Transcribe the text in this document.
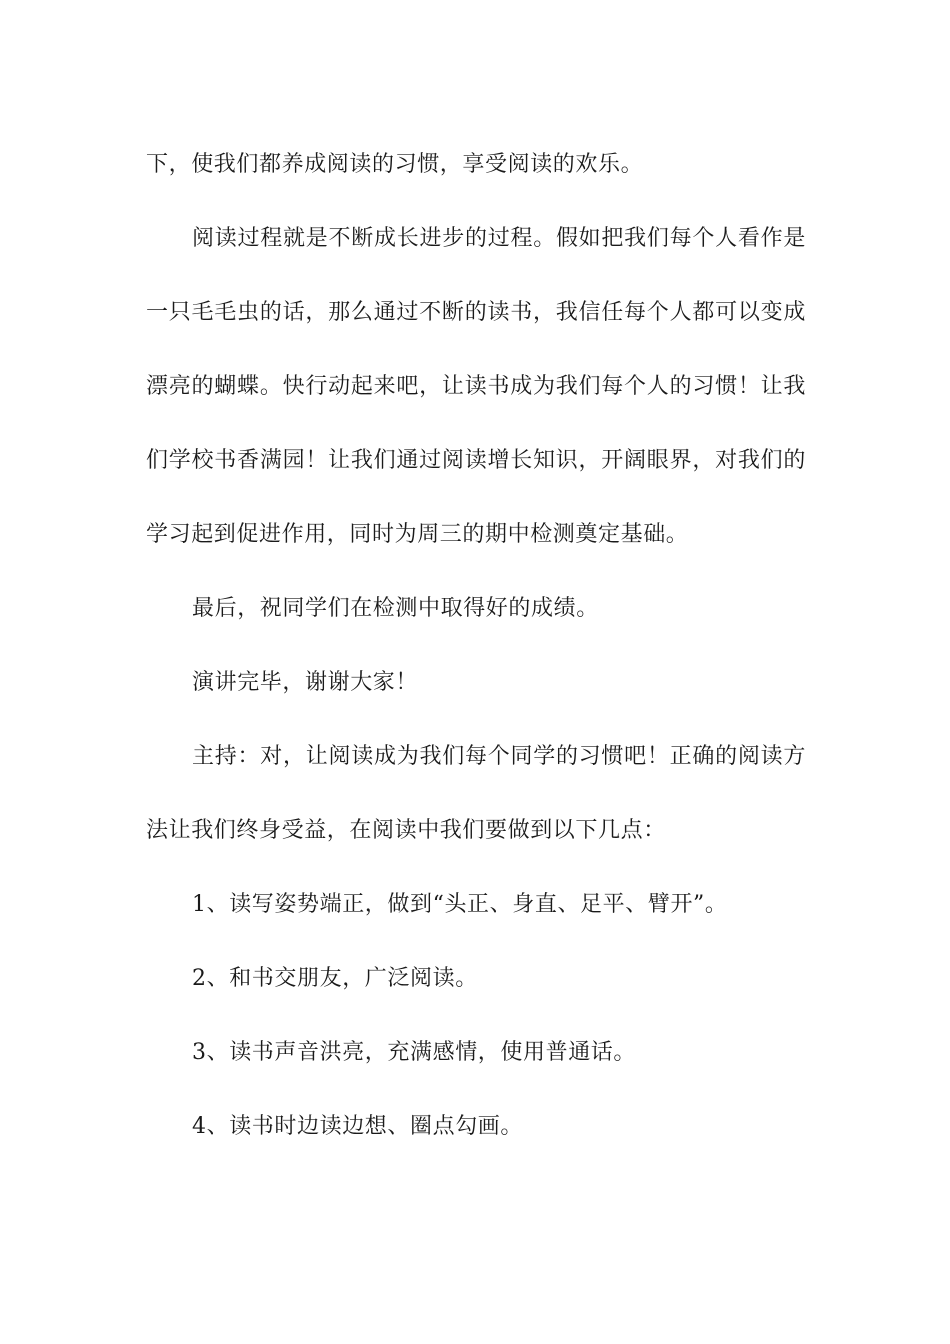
下，使我们都养成阅读的习惯，享受阅读的欢乐。

阅读过程就是不断成长进步的过程。假如把我们每个人看作是一只毛毛虫的话，那么通过不断的读书，我信任每个人都可以变成漂亮的蝴蝶。快行动起来吧，让读书成为我们每个人的习惯！让我们学校书香满园！让我们通过阅读增长知识，开阔眼界，对我们的学习起到促进作用，同时为周三的期中检测奠定基础。

最后，祝同学们在检测中取得好的成绩。

演讲完毕，谢谢大家！

主持：对，让阅读成为我们每个同学的习惯吧！正确的阅读方法让我们终身受益，在阅读中我们要做到以下几点：

1、读写姿势端正，做到“头正、身直、足平、臂开”。

2、和书交朋友，广泛阅读。

3、读书声音洪亮，充满感情，使用普通话。

4、读书时边读边想、圈点勾画。
